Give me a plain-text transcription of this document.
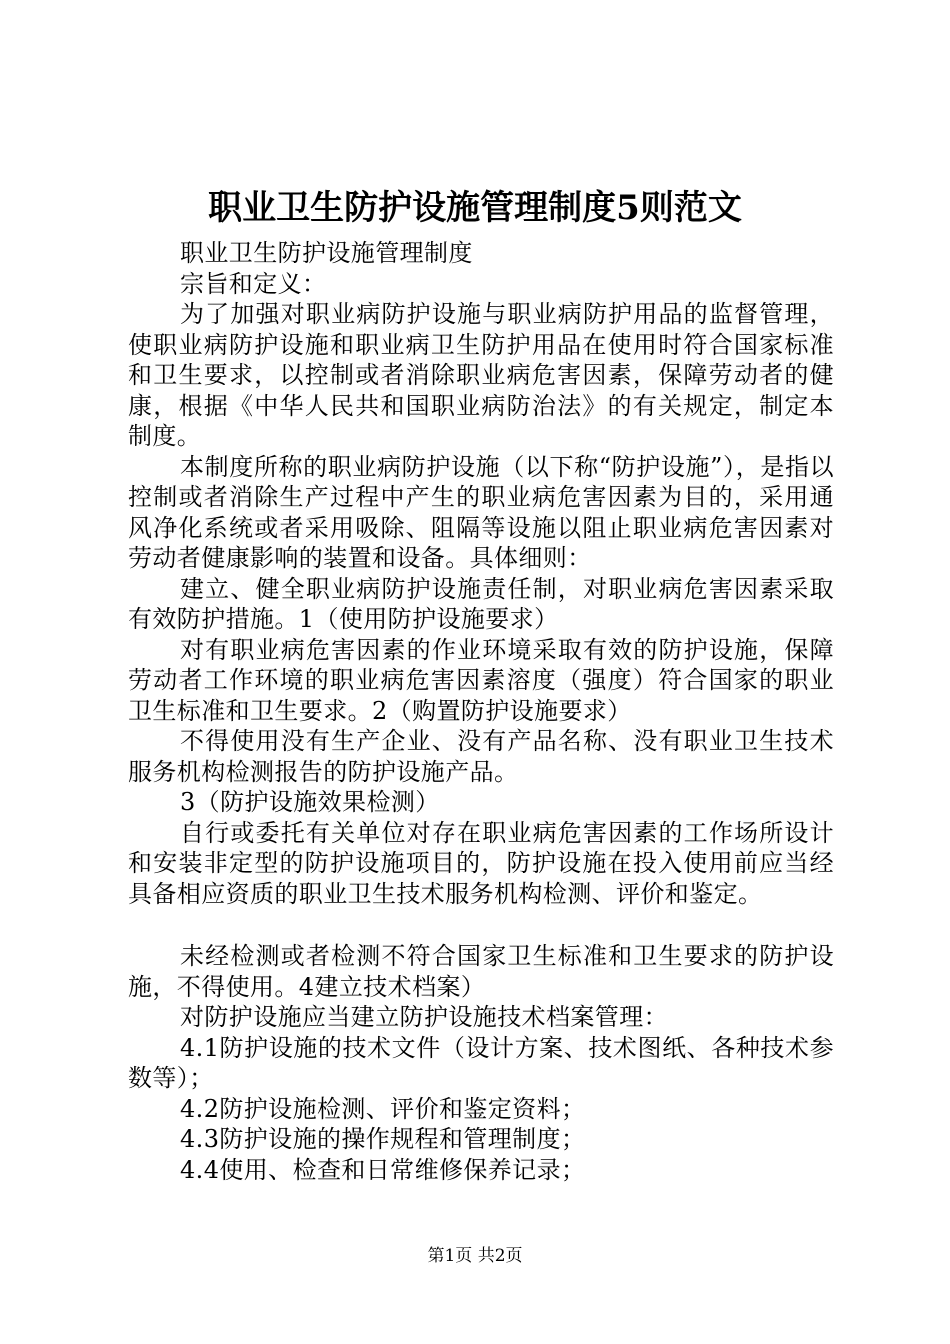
职业卫生防护设施管理制度5则范文

职业卫生防护设施管理制度

宗旨和定义：

为了加强对职业病防护设施与职业病防护用品的监督管理，使职业病防护设施和职业病卫生防护用品在使用时符合国家标准和卫生要求，以控制或者消除职业病危害因素，保障劳动者的健康，根据《中华人民共和国职业病防治法》的有关规定，制定本制度。

本制度所称的职业病防护设施（以下称“防护设施”），是指以控制或者消除生产过程中产生的职业病危害因素为目的，采用通风净化系统或者采用吸除、阻隔等设施以阻止职业病危害因素对劳动者健康影响的装置和设备。具体细则：

建立、健全职业病防护设施责任制，对职业病危害因素采取有效防护措施。1（使用防护设施要求）

对有职业病危害因素的作业环境采取有效的防护设施，保障劳动者工作环境的职业病危害因素溶度（强度）符合国家的职业卫生标准和卫生要求。2（购置防护设施要求）

不得使用没有生产企业、没有产品名称、没有职业卫生技术服务机构检测报告的防护设施产品。

3（防护设施效果检测）

自行或委托有关单位对存在职业病危害因素的工作场所设计和安装非定型的防护设施项目的，防护设施在投入使用前应当经具备相应资质的职业卫生技术服务机构检测、评价和鉴定。

未经检测或者检测不符合国家卫生标准和卫生要求的防护设施，不得使用。4建立技术档案）

对防护设施应当建立防护设施技术档案管理：

4.1防护设施的技术文件（设计方案、技术图纸、各种技术参数等）；

4.2防护设施检测、评价和鉴定资料；

4.3防护设施的操作规程和管理制度；

4.4使用、检查和日常维修保养记录；

第1页 共2页
